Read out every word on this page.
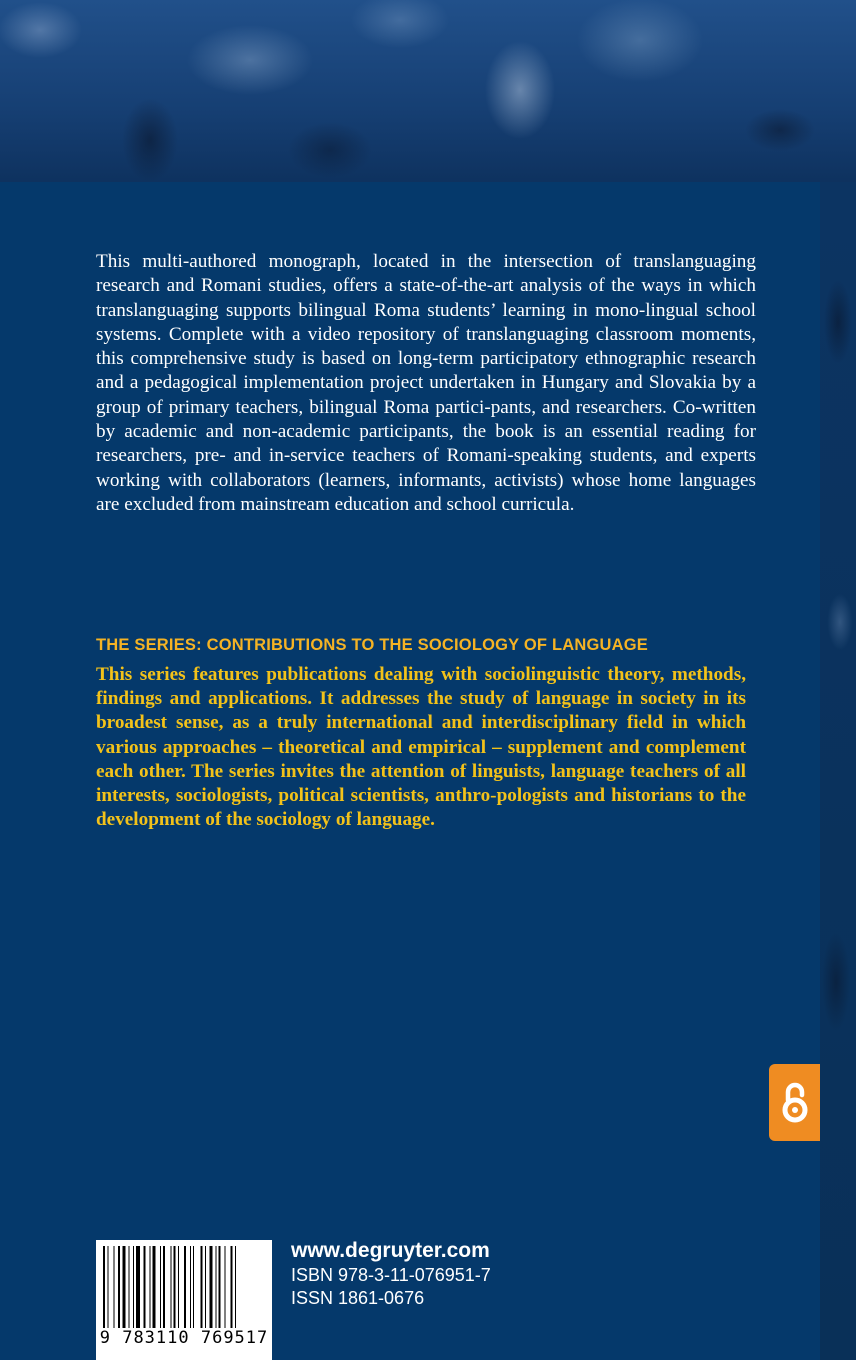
This multi-authored monograph, located in the intersection of translanguaging research and Romani studies, offers a state-of-the-art analysis of the ways in which translanguaging supports bilingual Roma students’ learning in mono-lingual school systems. Complete with a video repository of translanguaging classroom moments, this comprehensive study is based on long-term participatory ethnographic research and a pedagogical implementation project undertaken in Hungary and Slovakia by a group of primary teachers, bilingual Roma partici-pants, and researchers. Co-written by academic and non-academic participants, the book is an essential reading for researchers, pre- and in-service teachers of Romani-speaking students, and experts working with collaborators (learners, informants, activists) whose home languages are excluded from mainstream education and school curricula.

THE SERIES: CONTRIBUTIONS TO THE SOCIOLOGY OF LANGUAGE

This series features publications dealing with sociolinguistic theory, methods, findings and applications. It addresses the study of language in society in its broadest sense, as a truly international and interdisciplinary field in which various approaches – theoretical and empirical – supplement and complement each other. The series invites the attention of linguists, language teachers of all interests, sociologists, political scientists, anthro-pologists and historians to the development of the sociology of language.

9 783110 769517

www.degruyter.com

ISBN 978-3-11-076951-7

ISSN 1861-0676
